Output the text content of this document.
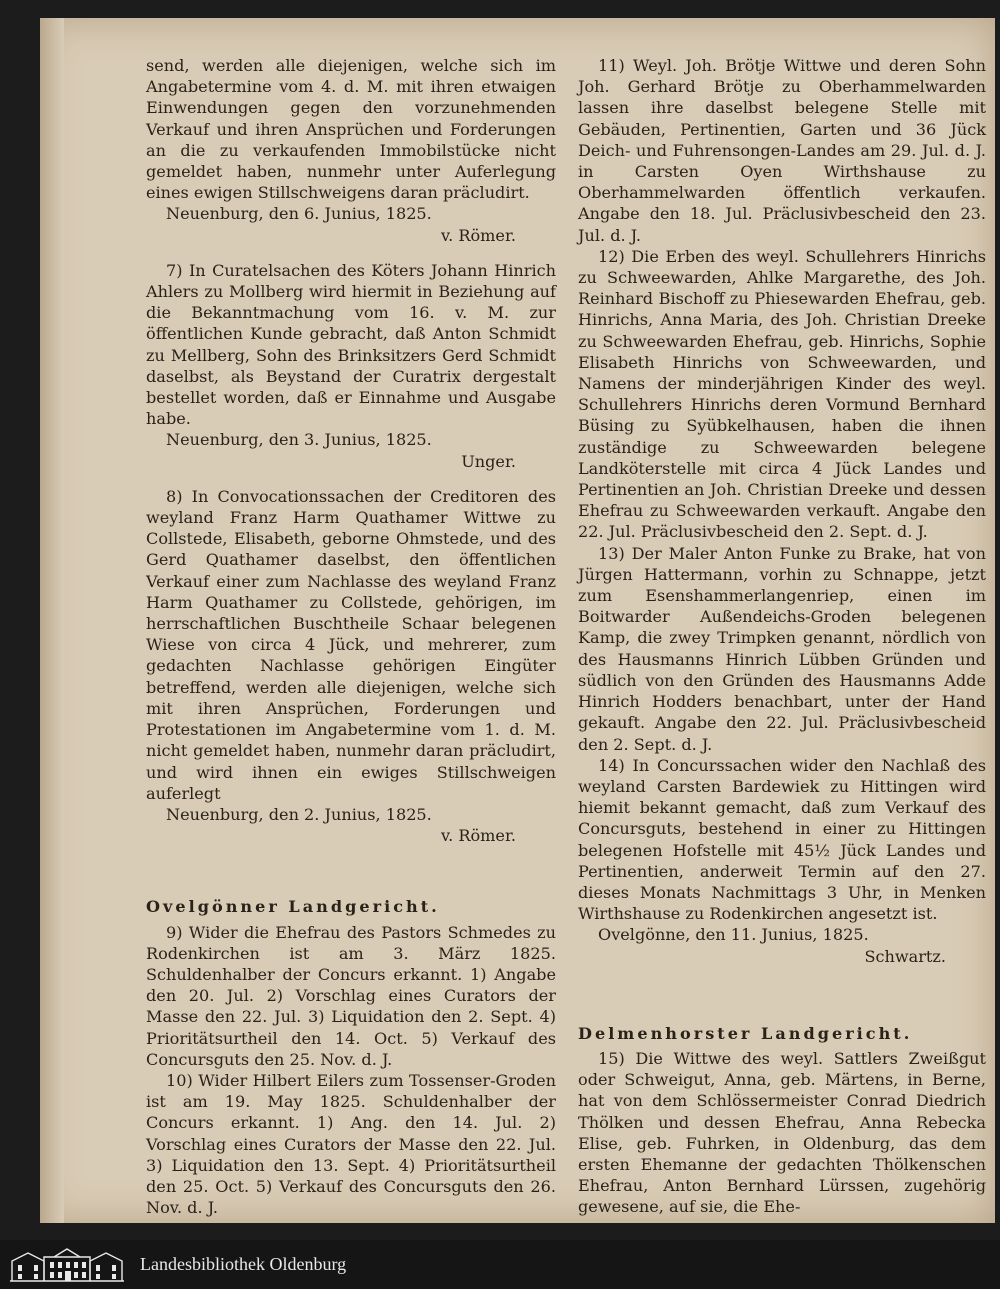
send, werden alle diejenigen, welche sich im Angabetermine vom 4. d. M. mit ihren etwaigen Einwendungen gegen den vorzunehmenden Verkauf und ihren Ansprüchen und Forderungen an die zu verkaufenden Immobilstücke nicht gemeldet haben, nunmehr unter Auferlegung eines ewigen Stillschweigens daran präcludirt.

Neuenburg, den 6. Junius, 1825.

v. Römer.

7) In Curatelsachen des Köters Johann Hinrich Ahlers zu Mollberg wird hiermit in Beziehung auf die Bekanntmachung vom 16. v. M. zur öffentlichen Kunde gebracht, daß Anton Schmidt zu Mellberg, Sohn des Brinksitzers Gerd Schmidt daselbst, als Beystand der Curatrix dergestalt bestellet worden, daß er Einnahme und Ausgabe habe.

Neuenburg, den 3. Junius, 1825.

Unger.

8) In Convocationssachen der Creditoren des weyland Franz Harm Quathamer Wittwe zu Collstede, Elisabeth, geborne Ohmstede, und des Gerd Quathamer daselbst, den öffentlichen Verkauf einer zum Nachlasse des weyland Franz Harm Quathamer zu Collstede, gehörigen, im herrschaftlichen Buschtheile Schaar belegenen Wiese von circa 4 Jück, und mehrerer, zum gedachten Nachlasse gehörigen Eingüter betreffend, werden alle diejenigen, welche sich mit ihren Ansprüchen, Forderungen und Protestationen im Angabetermine vom 1. d. M. nicht gemeldet haben, nunmehr daran präcludirt, und wird ihnen ein ewiges Stillschweigen auferlegt

Neuenburg, den 2. Junius, 1825.

v. Römer.

Ovelgönner Landgericht.

9) Wider die Ehefrau des Pastors Schmedes zu Rodenkirchen ist am 3. März 1825. Schuldenhalber der Concurs erkannt. 1) Angabe den 20. Jul. 2) Vorschlag eines Curators der Masse den 22. Jul. 3) Liquidation den 2. Sept. 4) Prioritätsurtheil den 14. Oct. 5) Verkauf des Concursguts den 25. Nov. d. J.

10) Wider Hilbert Eilers zum Tossenser-Groden ist am 19. May 1825. Schuldenhalber der Concurs erkannt. 1) Ang. den 14. Jul. 2) Vorschlag eines Curators der Masse den 22. Jul. 3) Liquidation den 13. Sept. 4) Prioritätsurtheil den 25. Oct. 5) Verkauf des Concursguts den 26. Nov. d. J.

11) Weyl. Joh. Brötje Wittwe und deren Sohn Joh. Gerhard Brötje zu Oberhammelwarden lassen ihre daselbst belegene Stelle mit Gebäuden, Pertinentien, Garten und 36 Jück Deich- und Fuhrensongen-Landes am 29. Jul. d. J. in Carsten Oyen Wirthshause zu Oberhammelwarden öffentlich verkaufen. Angabe den 18. Jul. Präclusivbescheid den 23. Jul. d. J.

12) Die Erben des weyl. Schullehrers Hinrichs zu Schweewarden, Ahlke Margarethe, des Joh. Reinhard Bischoff zu Phiesewarden Ehefrau, geb. Hinrichs, Anna Maria, des Joh. Christian Dreeke zu Schweewarden Ehefrau, geb. Hinrichs, Sophie Elisabeth Hinrichs von Schweewarden, und Namens der minderjährigen Kinder des weyl. Schullehrers Hinrichs deren Vormund Bernhard Büsing zu Syübkelhausen, haben die ihnen zuständige zu Schweewarden belegene Landköterstelle mit circa 4 Jück Landes und Pertinentien an Joh. Christian Dreeke und dessen Ehefrau zu Schweewarden verkauft. Angabe den 22. Jul. Präclusivbescheid den 2. Sept. d. J.

13) Der Maler Anton Funke zu Brake, hat von Jürgen Hattermann, vorhin zu Schnappe, jetzt zum Esenshammerlangenriep, einen im Boitwarder Außendeichs-Groden belegenen Kamp, die zwey Trimpken genannt, nördlich von des Hausmanns Hinrich Lübben Gründen und südlich von den Gründen des Hausmanns Adde Hinrich Hodders benachbart, unter der Hand gekauft. Angabe den 22. Jul. Präclusivbescheid den 2. Sept. d. J.

14) In Concurssachen wider den Nachlaß des weyland Carsten Bardewiek zu Hittingen wird hiemit bekannt gemacht, daß zum Verkauf des Concursguts, bestehend in einer zu Hittingen belegenen Hofstelle mit 45½ Jück Landes und Pertinentien, anderweit Termin auf den 27. dieses Monats Nachmittags 3 Uhr, in Menken Wirthshause zu Rodenkirchen angesetzt ist.

Ovelgönne, den 11. Junius, 1825.

Schwartz.

Delmenhorster Landgericht.

15) Die Wittwe des weyl. Sattlers Zweißgut oder Schweigut, Anna, geb. Märtens, in Berne, hat von dem Schlössermeister Conrad Diedrich Thölken und dessen Ehefrau, Anna Rebecka Elise, geb. Fuhrken, in Oldenburg, das dem ersten Ehemanne der gedachten Thölkenschen Ehefrau, Anton Bernhard Lürssen, zugehörig gewesene, auf sie, die Ehe-

Landesbibliothek Oldenburg
